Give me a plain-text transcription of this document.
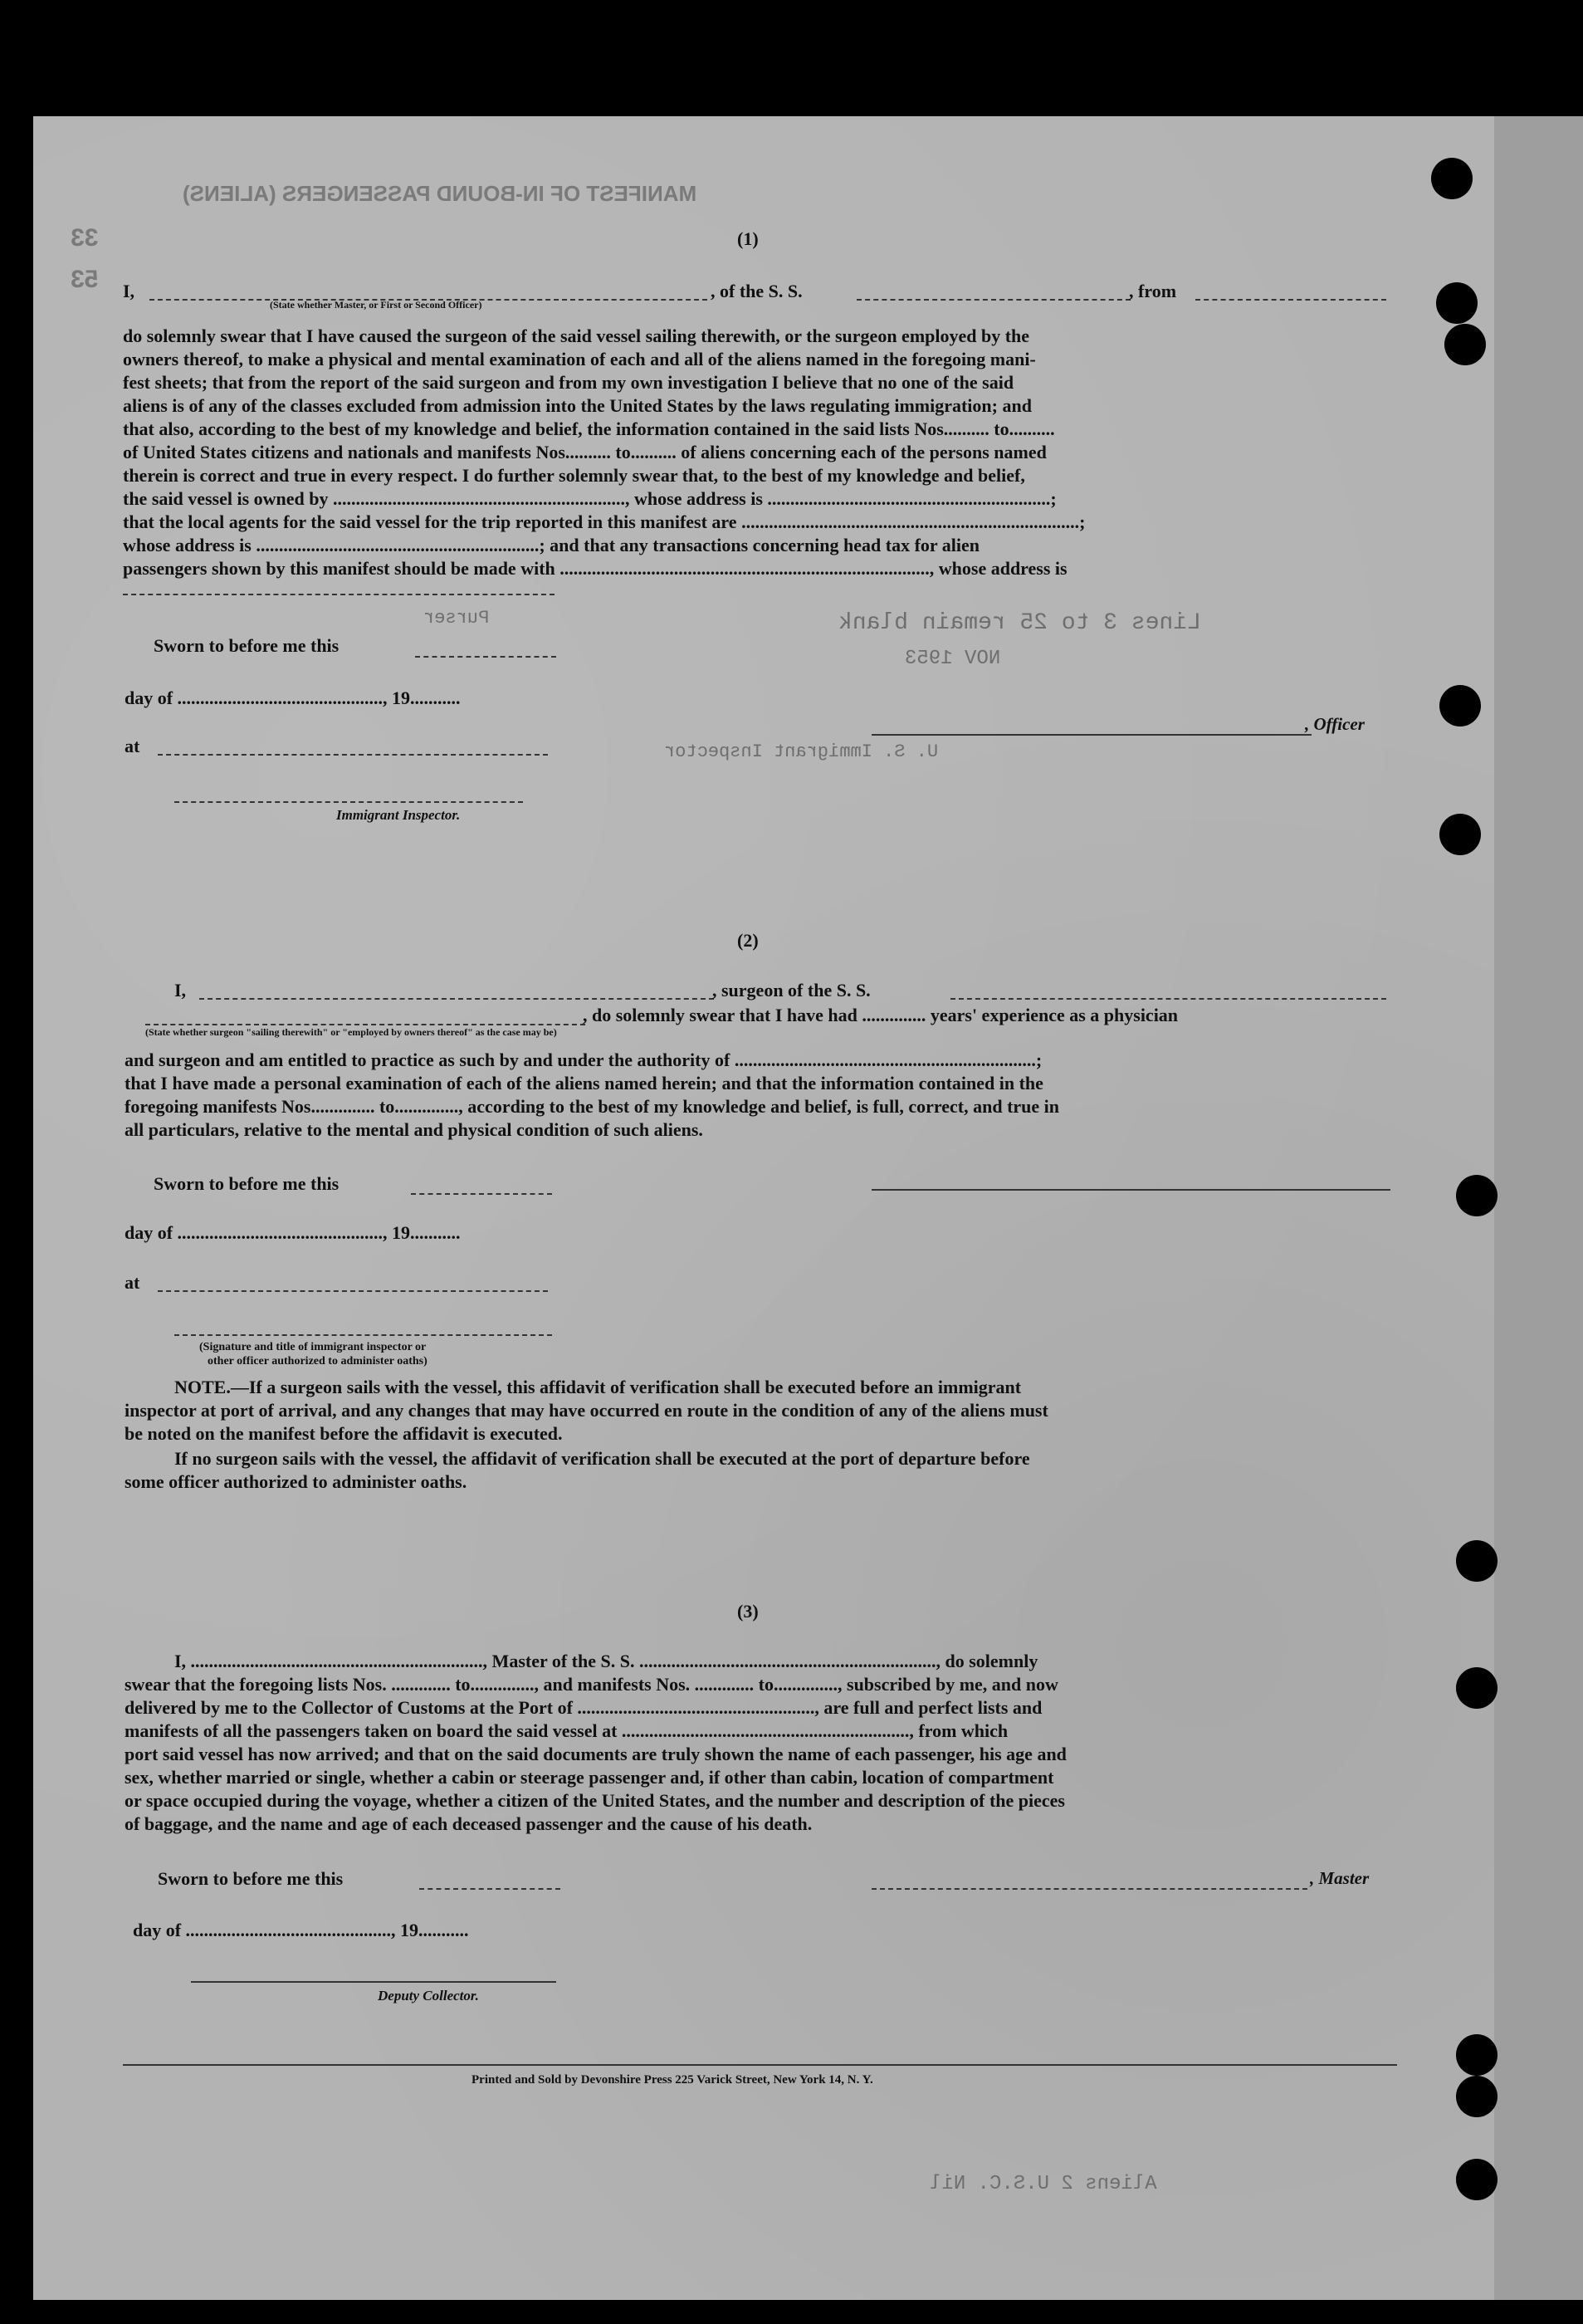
MANIFEST OF IN-BOUND PASSENGERS (ALIENS)
33
53
Lines 3 to 25 remain blank
Purser
NOV 1953
U. S. Immigrant Inspector
Aliens 2 U.S.C. Nil
(1)
I,	, of the S. S.	, from
(State whether Master, or First or Second Officer)
do solemnly swear that I have caused the surgeon of the said vessel sailing therewith, or the surgeon employed by the
owners thereof, to make a physical and mental examination of each and all of the aliens named in the foregoing mani-
fest sheets; that from the report of the said surgeon and from my own investigation I believe that no one of the said
aliens is of any of the classes excluded from admission into the United States by the laws regulating immigration; and
that also, according to the best of my knowledge and belief, the information contained in the said lists Nos.......... to..........
of United States citizens and nationals and manifests Nos.......... to.......... of aliens concerning each of the persons named
therein is correct and true in every respect. I do further solemnly swear that, to the best of my knowledge and belief,
the said vessel is owned by ................................................................, whose address is ..............................................................;
that the local agents for the said vessel for the trip reported in this manifest are ..........................................................................;
whose address is ..............................................................; and that any transactions concerning head tax for alien
passengers shown by this manifest should be made with ................................................................................., whose address is
Sworn to before me this
day of ............................................., 19...........
at
, Officer
Immigrant Inspector.
(2)
I,	, surgeon of the S. S.
, do solemnly swear that I have had .............. years' experience as a physician
(State whether surgeon "sailing therewith" or "employed by owners thereof" as the case may be)
and surgeon and am entitled to practice as such by and under the authority of ..................................................................;
that I have made a personal examination of each of the aliens named herein; and that the information contained in the
foregoing manifests Nos.............. to.............., according to the best of my knowledge and belief, is full, correct, and true in
all particulars, relative to the mental and physical condition of such aliens.
Sworn to before me this
day of ............................................., 19...........
at
(Signature and title of immigrant inspector or
other officer authorized to administer oaths)
NOTE.—If a surgeon sails with the vessel, this affidavit of verification shall be executed before an immigrant
inspector at port of arrival, and any changes that may have occurred en route in the condition of any of the aliens must
be noted on the manifest before the affidavit is executed.
If no surgeon sails with the vessel, the affidavit of verification shall be executed at the port of departure before
some officer authorized to administer oaths.
(3)
I, ................................................................, Master of the S. S. ................................................................., do solemnly
swear that the foregoing lists Nos. ............. to.............., and manifests Nos. ............. to.............., subscribed by me, and now
delivered by me to the Collector of Customs at the Port of ...................................................., are full and perfect lists and
manifests of all the passengers taken on board the said vessel at ..............................................................., from which
port said vessel has now arrived; and that on the said documents are truly shown the name of each passenger, his age and
sex, whether married or single, whether a cabin or steerage passenger and, if other than cabin, location of compartment
or space occupied during the voyage, whether a citizen of the United States, and the number and description of the pieces
of baggage, and the name and age of each deceased passenger and the cause of his death.
Sworn to before me this	, Master
day of ............................................., 19...........
Deputy Collector.
Printed and Sold by Devonshire Press 225 Varick Street, New York 14, N. Y.
